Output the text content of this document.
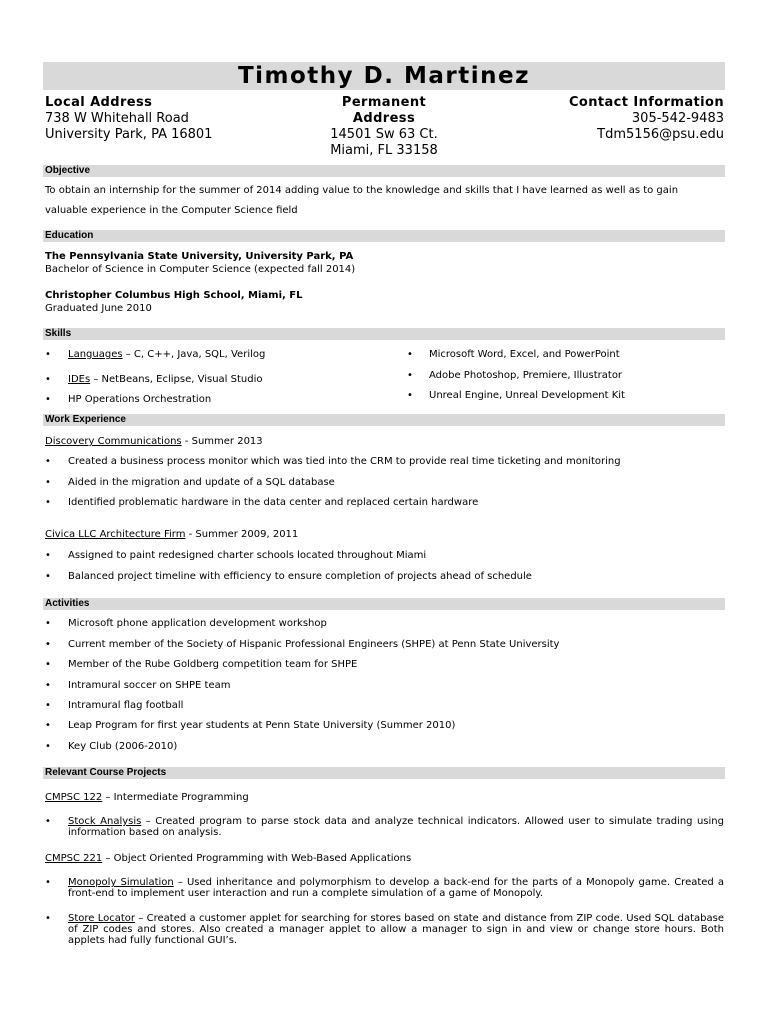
Timothy D. Martinez
Local Address
738 W Whitehall Road
University Park, PA 16801
Permanent Address
14501 Sw 63 Ct.
Miami, FL 33158
Contact Information
305-542-9483
Tdm5156@psu.edu
Objective
To obtain an internship for the summer of 2014 adding value to the knowledge and skills that I have learned as well as to gain
valuable experience in the Computer Science field
Education
The Pennsylvania State University, University Park, PA
Bachelor of Science in Computer Science (expected fall 2014)
Christopher Columbus High School, Miami, FL
Graduated June 2010
Skills
• Languages – C, C++, Java, SQL, Verilog
• IDEs – NetBeans, Eclipse, Visual Studio
• HP Operations Orchestration
• Microsoft Word, Excel, and PowerPoint
• Adobe Photoshop, Premiere, Illustrator
• Unreal Engine, Unreal Development Kit
Work Experience
Discovery Communications - Summer 2013
• Created a business process monitor which was tied into the CRM to provide real time ticketing and monitoring
• Aided in the migration and update of a SQL database
• Identified problematic hardware in the data center and replaced certain hardware
Civica LLC Architecture Firm - Summer 2009, 2011
• Assigned to paint redesigned charter schools located throughout Miami
• Balanced project timeline with efficiency to ensure completion of projects ahead of schedule
Activities
• Microsoft phone application development workshop
• Current member of the Society of Hispanic Professional Engineers (SHPE) at Penn State University
• Member of the Rube Goldberg competition team for SHPE
• Intramural soccer on SHPE team
• Intramural flag football
• Leap Program for first year students at Penn State University (Summer 2010)
• Key Club (2006-2010)
Relevant Course Projects
CMPSC 122 – Intermediate Programming
• Stock Analysis – Created program to parse stock data and analyze technical indicators. Allowed user to simulate trading using information based on analysis.
CMPSC 221 – Object Oriented Programming with Web-Based Applications
• Monopoly Simulation – Used inheritance and polymorphism to develop a back-end for the parts of a Monopoly game. Created a front-end to implement user interaction and run a complete simulation of a game of Monopoly.
• Store Locator – Created a customer applet for searching for stores based on state and distance from ZIP code. Used SQL database of ZIP codes and stores. Also created a manager applet to allow a manager to sign in and view or change store hours. Both applets had fully functional GUI’s.
